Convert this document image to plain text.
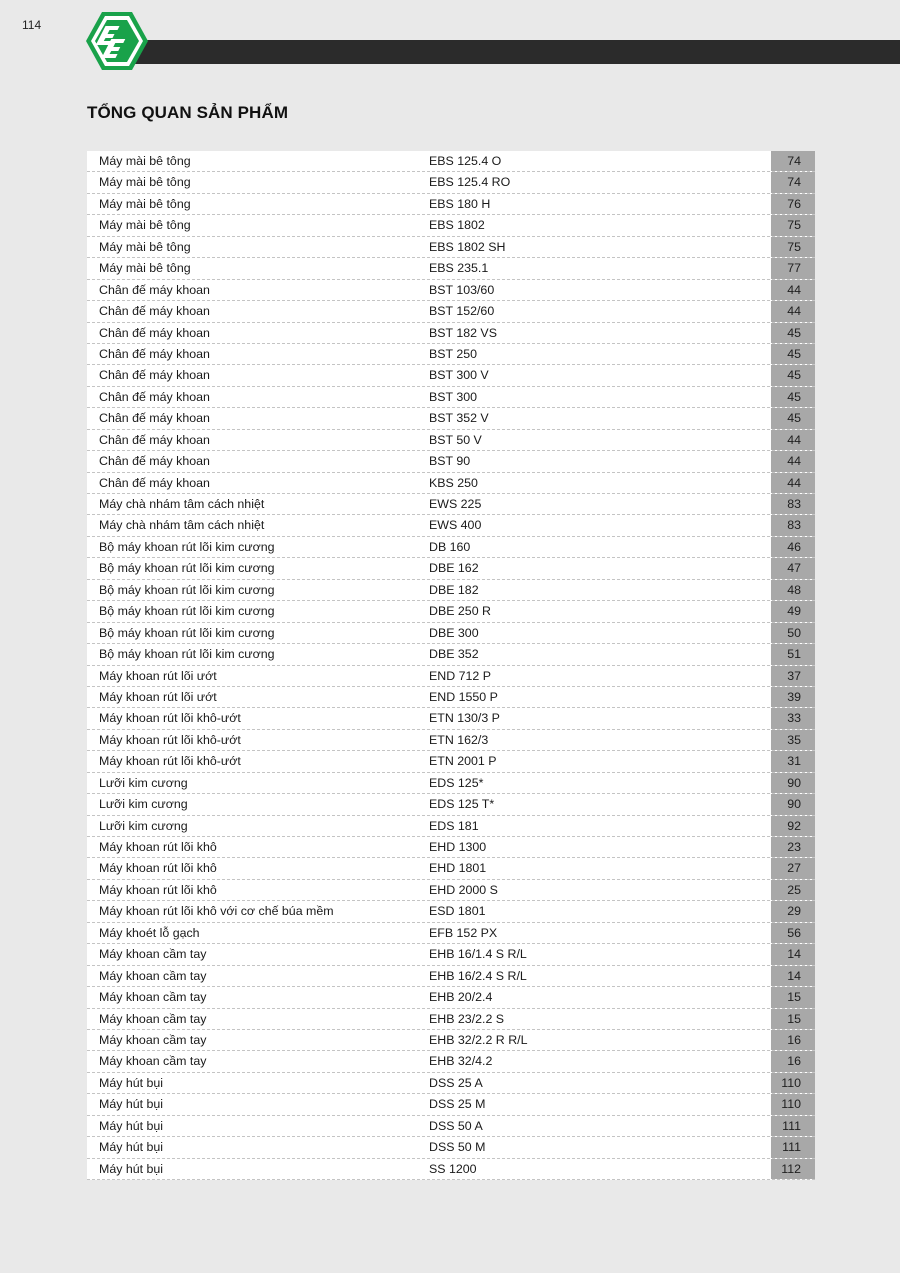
114
TỔNG QUAN SẢN PHẨM
Máy mài bê tông	EBS 125.4 O	74
Máy mài bê tông	EBS 125.4 RO	74
Máy mài bê tông	EBS 180 H	76
Máy mài bê tông	EBS 1802	75
Máy mài bê tông	EBS 1802 SH	75
Máy mài bê tông	EBS 235.1	77
Chân đế máy khoan	BST 103/60	44
Chân đế máy khoan	BST 152/60	44
Chân đế máy khoan	BST 182 VS	45
Chân đế máy khoan	BST 250	45
Chân đế máy khoan	BST 300 V	45
Chân đế máy khoan	BST 300	45
Chân đế máy khoan	BST 352 V	45
Chân đế máy khoan	BST 50 V	44
Chân đế máy khoan	BST 90	44
Chân đế máy khoan	KBS 250	44
Máy chà nhám tâm cách nhiệt	EWS 225	83
Máy chà nhám tâm cách nhiệt	EWS 400	83
Bộ máy khoan rút lõi kim cương	DB 160	46
Bộ máy khoan rút lõi kim cương	DBE 162	47
Bộ máy khoan rút lõi kim cương	DBE 182	48
Bộ máy khoan rút lõi kim cương	DBE 250 R	49
Bộ máy khoan rút lõi kim cương	DBE 300	50
Bộ máy khoan rút lõi kim cương	DBE 352	51
Máy khoan rút lõi ướt	END 712 P	37
Máy khoan rút lõi ướt	END 1550 P	39
Máy khoan rút lõi khô-ướt	ETN 130/3 P	33
Máy khoan rút lõi khô-ướt	ETN 162/3	35
Máy khoan rút lõi khô-ướt	ETN 2001 P	31
Lưỡi kim cương	EDS 125*	90
Lưỡi kim cương	EDS 125 T*	90
Lưỡi kim cương	EDS 181	92
Máy khoan rút lõi khô	EHD 1300	23
Máy khoan rút lõi khô	EHD 1801	27
Máy khoan rút lõi khô	EHD 2000 S	25
Máy khoan rút lõi khô với cơ chế búa mềm	ESD 1801	29
Máy khoét lỗ gạch	EFB 152 PX	56
Máy khoan cầm tay	EHB 16/1.4 S R/L	14
Máy khoan cầm tay	EHB 16/2.4 S R/L	14
Máy khoan cầm tay	EHB 20/2.4	15
Máy khoan cầm tay	EHB 23/2.2 S	15
Máy khoan cầm tay	EHB 32/2.2 R R/L	16
Máy khoan cầm tay	EHB 32/4.2	16
Máy hút bụi	DSS 25 A	110
Máy hút bụi	DSS 25 M	110
Máy hút bụi	DSS 50 A	111
Máy hút bụi	DSS 50 M	111
Máy hút bụi	SS 1200	112
